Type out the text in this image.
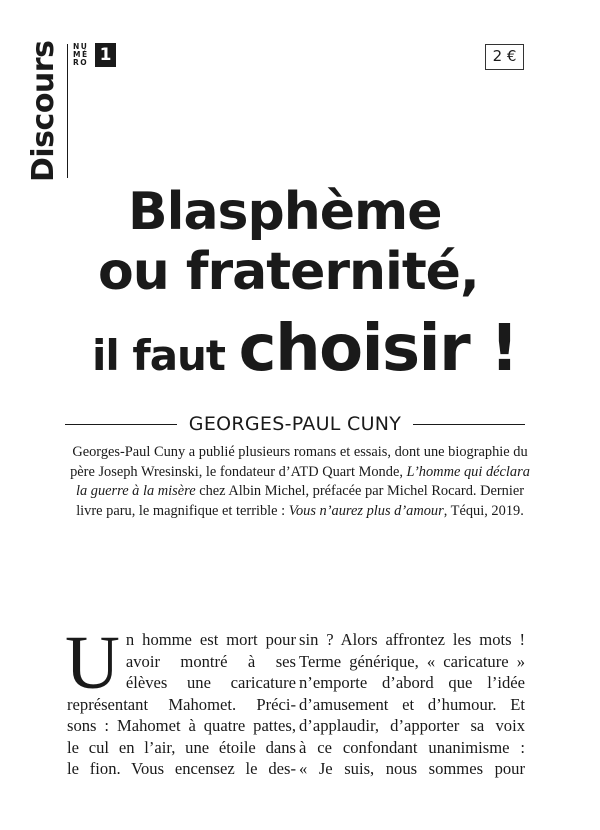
Discours	NU
MÉ
RO 1	2 €
Blasphème
ou fraternité,
il faut choisir !
GEORGES-PAUL CUNY
Georges-Paul Cuny a publié plusieurs romans et essais, dont une biographie du père Joseph Wresinski, le fondateur d’ATD Quart Monde, L’homme qui déclara la guerre à la misère chez Albin Michel, préfacée par Michel Rocard. Dernier livre paru, le magnifique et terrible : Vous n’aurez plus d’amour, Téqui, 2019.
U n homme est mort pour
avoir montré à ses
élèves une caricature
représentant Mahomet. Préci-
sons : Mahomet à quatre pattes,
le cul en l’air, une étoile dans
le fion. Vous encensez le des-
sin ? Alors affrontez les mots !
Terme générique, « caricature »
n’emporte d’abord que l’idée
d’amusement et d’humour. Et
d’applaudir, d’apporter sa voix
à ce confondant unanimisme :
« Je suis, nous sommes pour
